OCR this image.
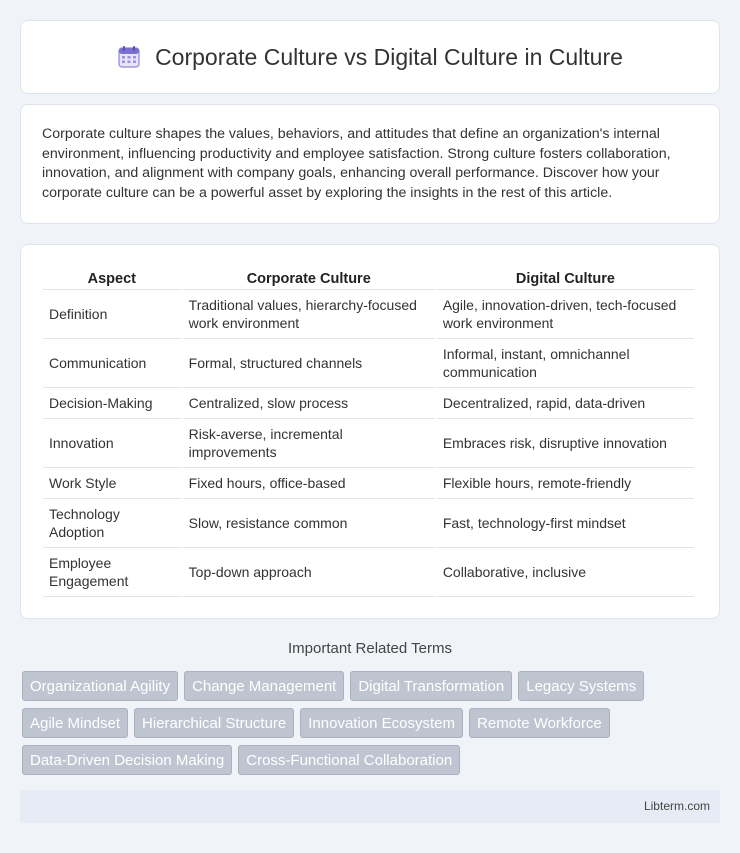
Corporate Culture vs Digital Culture in Culture

Corporate culture shapes the values, behaviors, and attitudes that define an organization's internal environment, influencing productivity and employee satisfaction. Strong culture fosters collaboration, innovation, and alignment with company goals, enhancing overall performance. Discover how your corporate culture can be a powerful asset by exploring the insights in the rest of this article.

Aspect	Corporate Culture	Digital Culture
Definition	Traditional values, hierarchy-focused work environment	Agile, innovation-driven, tech-focused work environment
Communication	Formal, structured channels	Informal, instant, omnichannel communication
Decision-Making	Centralized, slow process	Decentralized, rapid, data-driven
Innovation	Risk-averse, incremental improvements	Embraces risk, disruptive innovation
Work Style	Fixed hours, office-based	Flexible hours, remote-friendly
Technology Adoption	Slow, resistance common	Fast, technology-first mindset
Employee Engagement	Top-down approach	Collaborative, inclusive
Important Related Terms
Organizational Agility	Change Management	Digital Transformation	Legacy Systems
Agile Mindset	Hierarchical Structure	Innovation Ecosystem	Remote Workforce
Data-Driven Decision Making	Cross-Functional Collaboration
Libterm.com
